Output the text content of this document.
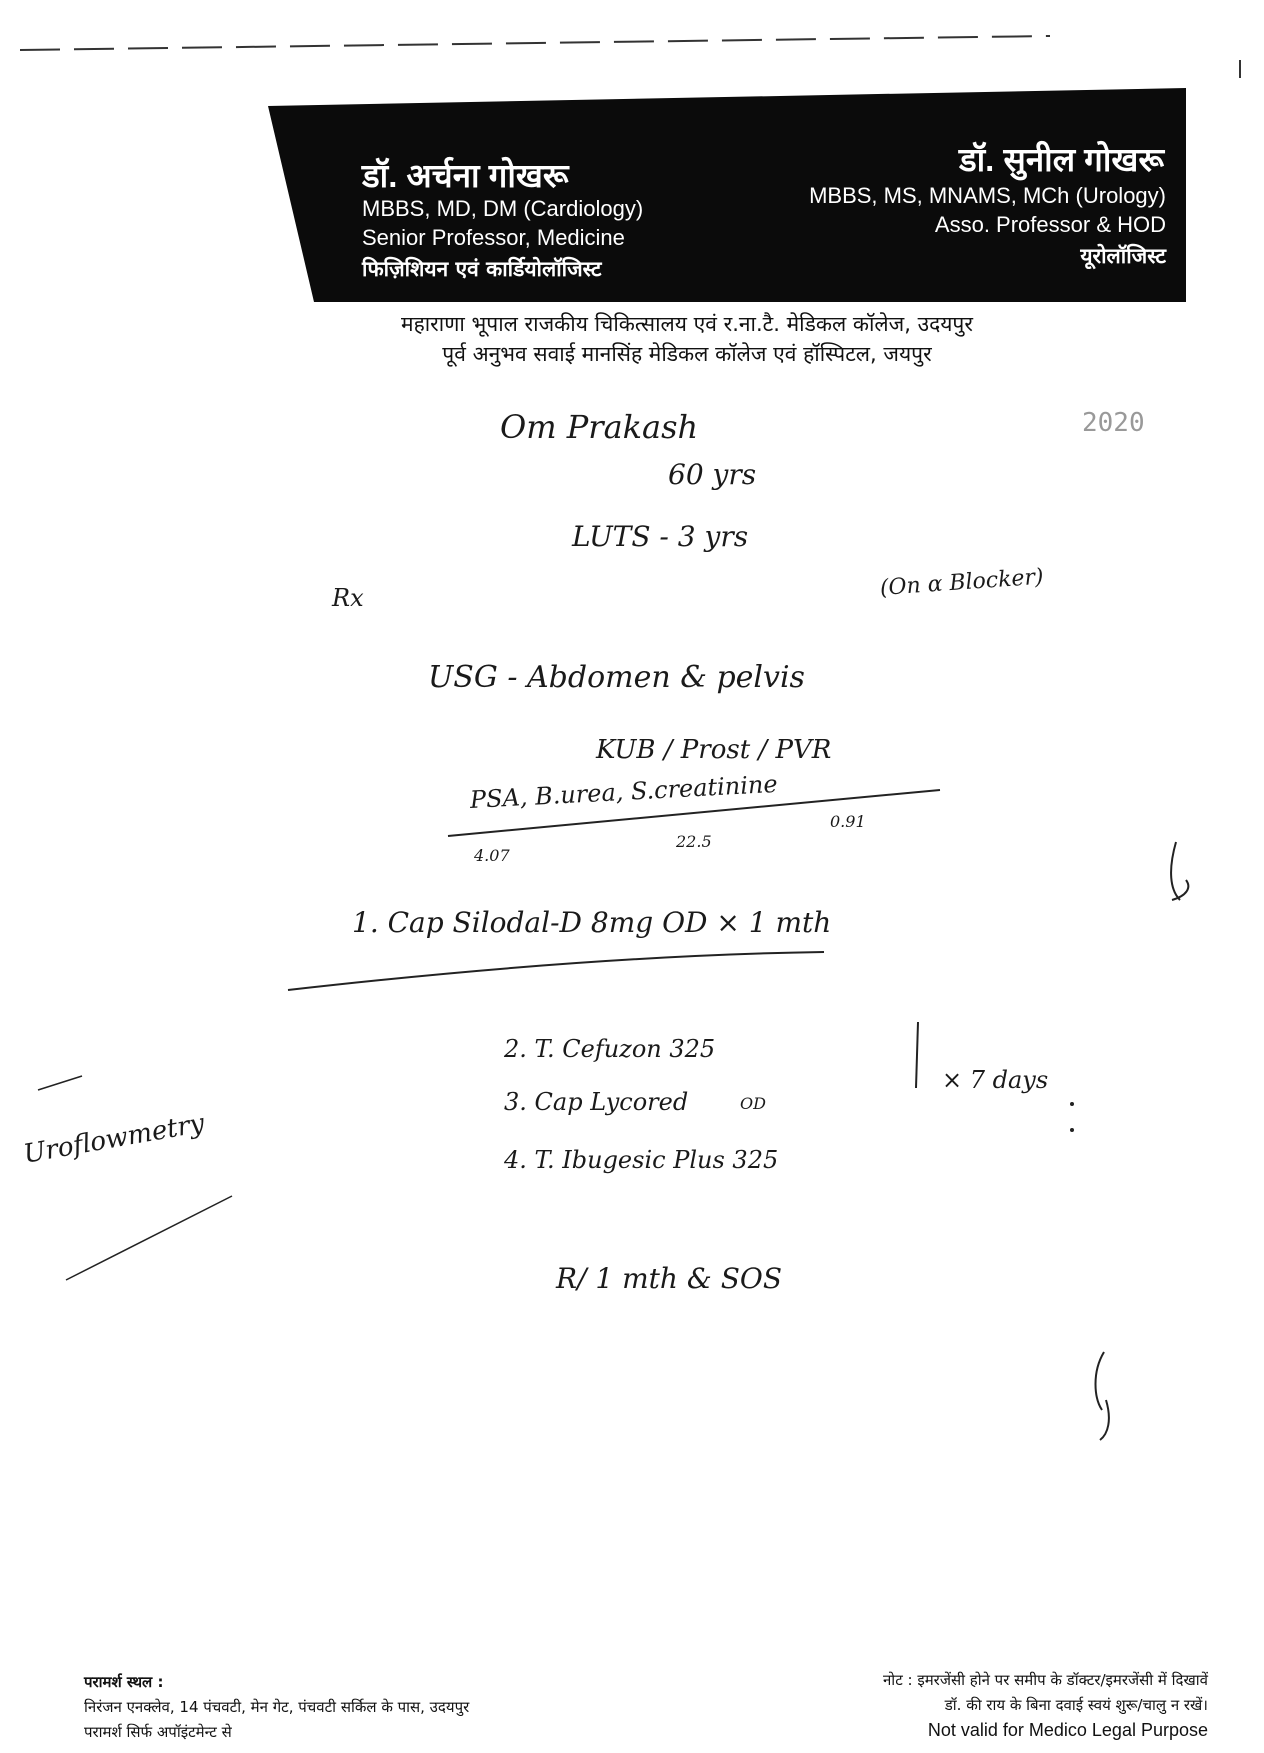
डॉ. अर्चना गोखरू
MBBS, MD, DM (Cardiology)
Senior Professor, Medicine
फिज़िशियन एवं कार्डियोलॉजिस्ट
डॉ. सुनील गोखरू
MBBS, MS, MNAMS, MCh (Urology)
Asso. Professor & HOD
यूरोलॉजिस्ट
महाराणा भूपाल राजकीय चिकित्सालय एवं र.ना.टै. मेडिकल कॉलेज, उदयपुर
पूर्व अनुभव सवाई मानसिंह मेडिकल कॉलेज एवं हॉस्पिटल, जयपुर
2020
Om Prakash
60 yrs
LUTS - 3 yrs
(On α Blocker)
Rx
USG - Abdomen & pelvis
KUB / Prost / PVR
PSA, B.urea, S.creatinine
4.07
22.5
0.91
1. Cap Silodal-D 8mg OD × 1 mth
2. T. Cefuzon 325
3. Cap Lycored	OD
4. T. Ibugesic Plus 325
× 7 days
R/ 1 mth & SOS
Uroflowmetry
परामर्श स्थल :
निरंजन एनक्लेव, 14 पंचवटी, मेन गेट, पंचवटी सर्किल के पास, उदयपुर
परामर्श सिर्फ अपॉइंटमेन्ट से
नोट : इमरजेंसी होने पर समीप के डॉक्टर/इमरजेंसी में दिखावें
डॉ. की राय के बिना दवाई स्वयं शुरू/चालु न रखें।
Not valid for Medico Legal Purpose
